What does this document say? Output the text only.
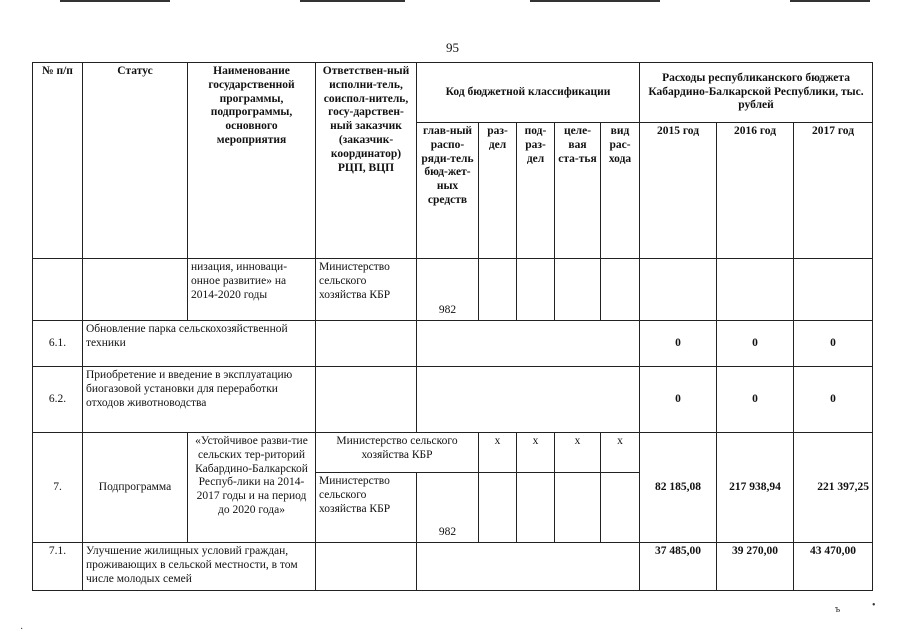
95
№ п/п	Статус	Наименование государственной программы, подпрограммы, основного мероприятия	Ответствен-ный исполни-тель, соиспол-нитель, госу-дарствен-ный заказчик (заказчик-координатор) РЦП, ВЦП	Код бюджетной классификации					Расходы республиканского бюджета Кабардино-Балкарской Республики, тыс. рублей		
				глав-ный распо-ряди-тель бюд-жет-ных средств	раз-дел	под-раз-дел	целе-вая ста-тья	вид рас-хода	2015 год	2016 год	2017 год
		низация, инноваци-онное развитие» на 2014-2020 годы	Министерство сельского хозяйства КБР	982							
6.1.	Обновление парка сельскохозяйственной техники								0	0	0
6.2.	Приобретение и введение в эксплуатацию биогазовой установки для переработки отходов животноводства								0	0	0
7.	Подпрограмма	«Устойчивое разви-тие сельских тер-риторий Кабардино-Балкарской Респуб-лики на 2014-2017 годы и на период до 2020 года»	Министерство сельского хозяйства КБР		х	х	х	х	82 185,08	217 938,94	221 397,25
			Министерство сельского хозяйства КБР	982							
7.1.	Улучшение жилищных условий граждан, проживающих в сельской местности, в том числе молодых семей								37 485,00	39 270,00	43 470,00
ъ	•
·
